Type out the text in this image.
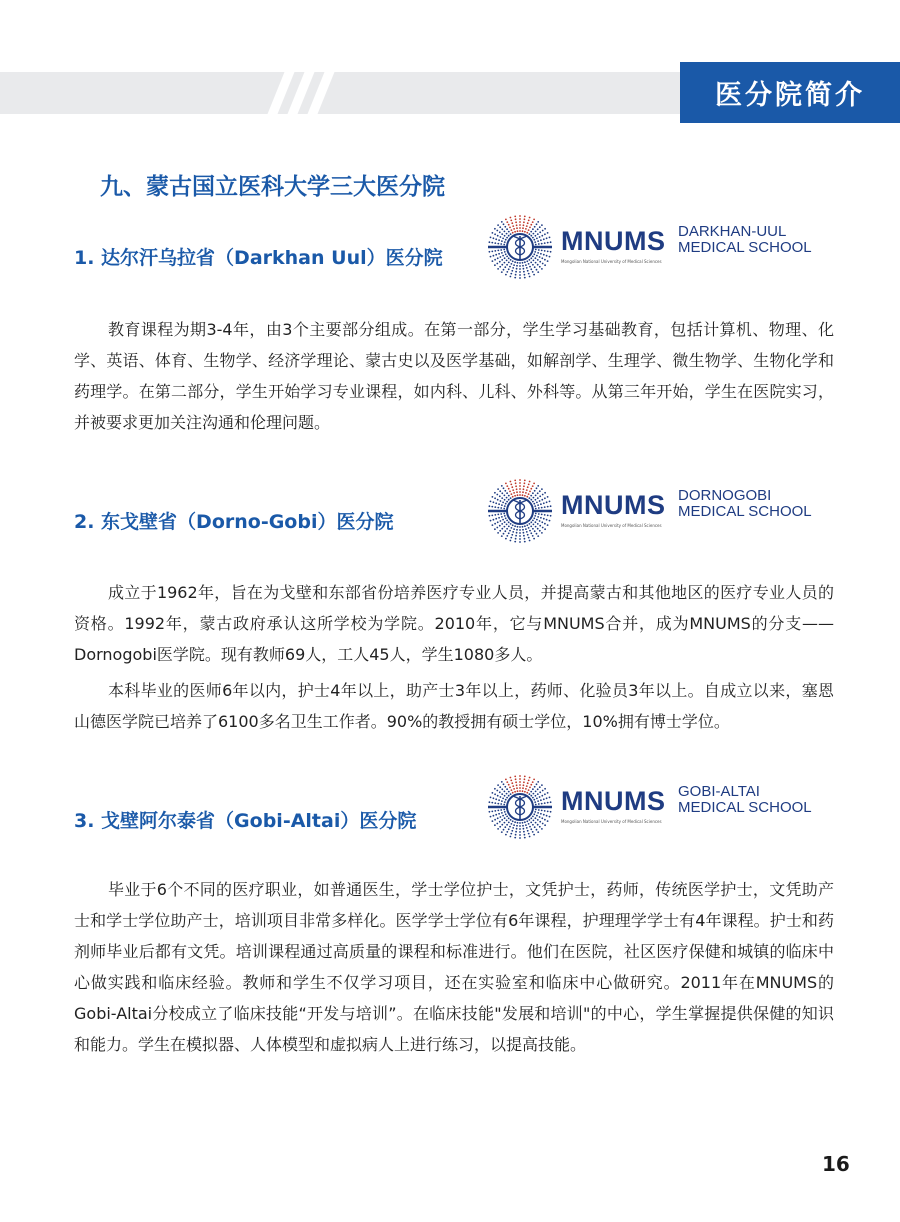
医分院简介
九、蒙古国立医科大学三大医分院
1. 达尔汗乌拉省（Darkhan Uul）医分院
MNUMS
Mongolian National University of Medical Sciences
DARKHAN-UUL
MEDICAL SCHOOL

教育课程为期3-4年，由3个主要部分组成。在第一部分，学生学习基础教育，包括计算机、物理、化学、英语、体育、生物学、经济学理论、蒙古史以及医学基础，如解剖学、生理学、微生物学、生物化学和药理学。在第二部分，学生开始学习专业课程，如内科、儿科、外科等。从第三年开始，学生在医院实习，并被要求更加关注沟通和伦理问题。

2. 东戈壁省（Dorno-Gobi）医分院
MNUMS
Mongolian National University of Medical Sciences
DORNOGOBI
MEDICAL SCHOOL

成立于1962年，旨在为戈壁和东部省份培养医疗专业人员，并提高蒙古和其他地区的医疗专业人员的资格。1992年，蒙古政府承认这所学校为学院。2010年，它与MNUMS合并，成为MNUMS的分支——Dornogobi医学院。现有教师69人，工人45人，学生1080多人。

本科毕业的医师6年以内，护士4年以上，助产士3年以上，药师、化验员3年以上。自成立以来，塞恩山德医学院已培养了6100多名卫生工作者。90%的教授拥有硕士学位，10%拥有博士学位。

3. 戈壁阿尔泰省（Gobi-Altai）医分院
MNUMS
Mongolian National University of Medical Sciences
GOBI-ALTAI
MEDICAL SCHOOL

毕业于6个不同的医疗职业，如普通医生，学士学位护士，文凭护士，药师，传统医学护士，文凭助产士和学士学位助产士，培训项目非常多样化。医学学士学位有6年课程，护理理学学士有4年课程。护士和药剂师毕业后都有文凭。培训课程通过高质量的课程和标准进行。他们在医院，社区医疗保健和城镇的临床中心做实践和临床经验。教师和学生不仅学习项目，还在实验室和临床中心做研究。2011年在MNUMS的Gobi-Altai分校成立了临床技能“开发与培训”。在临床技能"发展和培训"的中心，学生掌握提供保健的知识和能力。学生在模拟器、人体模型和虚拟病人上进行练习，以提高技能。

16
